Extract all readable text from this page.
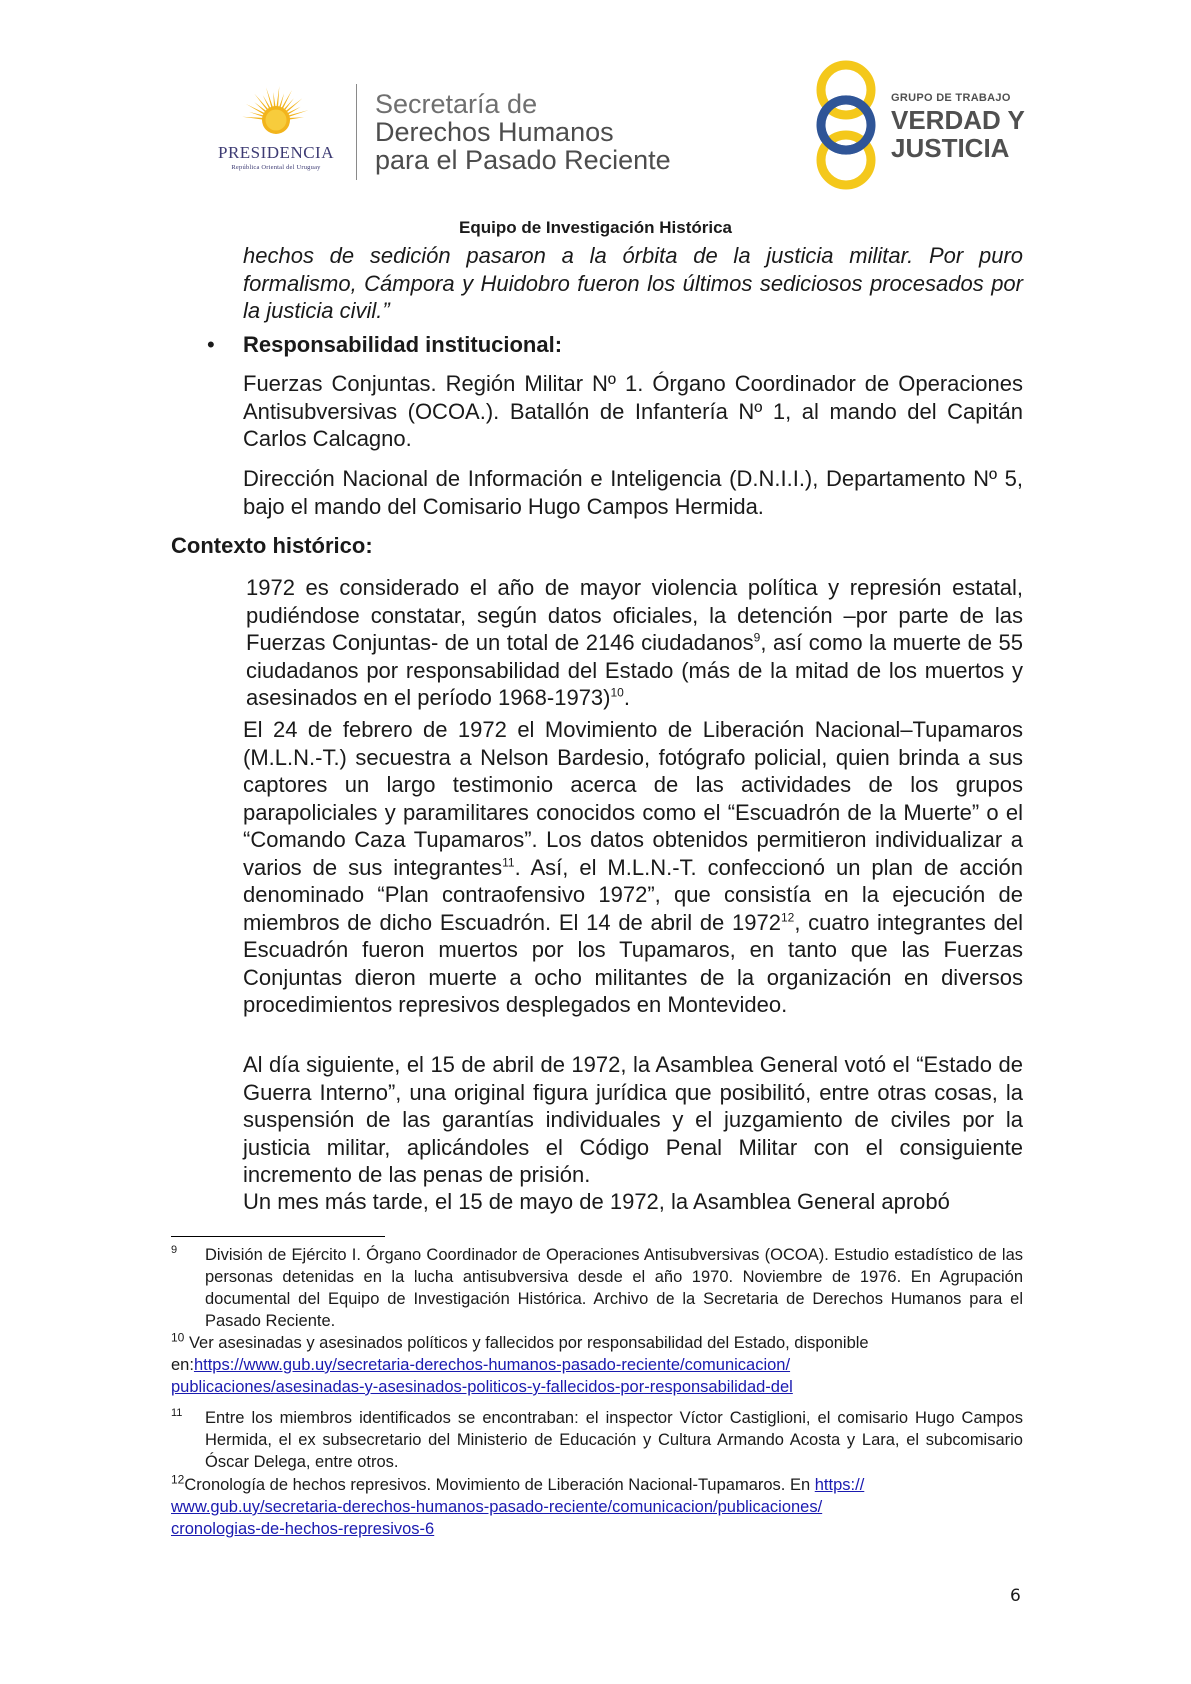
PRESIDENCIA
República Oriental del Uruguay
Secretaría de
Derechos Humanos
para el Pasado Reciente
GRUPO DE TRABAJO
VERDAD Y
JUSTICIA
Equipo de Investigación Histórica

hechos de sedición pasaron a la órbita de la justicia militar. Por puro formalismo, Cámpora y Huidobro fueron los últimos sediciosos procesados por la justicia civil.”

• Responsabilidad institucional:

Fuerzas Conjuntas. Región Militar Nº 1. Órgano Coordinador de Operaciones Antisubversivas (OCOA.). Batallón de Infantería Nº 1, al mando del Capitán Carlos Calcagno.

Dirección Nacional de Información e Inteligencia (D.N.I.I.), Departamento Nº 5, bajo el mando del Comisario Hugo Campos Hermida.

Contexto histórico:

1972 es considerado el año de mayor violencia política y represión estatal, pudiéndose constatar, según datos oficiales, la detención –por parte de las Fuerzas Conjuntas- de un total de 2146 ciudadanos$^9$, así como la muerte de 55 ciudadanos por responsabilidad del Estado (más de la mitad de los muertos y asesinados en el período 1968-1973)$^{10}$.

El 24 de febrero de 1972 el Movimiento de Liberación Nacional–Tupamaros (M.L.N.-T.) secuestra a Nelson Bardesio, fotógrafo policial, quien brinda a sus captores un largo testimonio acerca de las actividades de los grupos parapoliciales y paramilitares conocidos como el “Escuadrón de la Muerte” o el “Comando Caza Tupamaros”. Los datos obtenidos permitieron individualizar a varios de sus integrantes$^{11}$. Así, el M.L.N.-T. confeccionó un plan de acción denominado “Plan contraofensivo 1972”, que consistía en la ejecución de miembros de dicho Escuadrón. El 14 de abril de 1972$^{12}$, cuatro integrantes del Escuadrón fueron muertos por los Tupamaros, en tanto que las Fuerzas Conjuntas dieron muerte a ocho militantes de la organización en diversos procedimientos represivos desplegados en Montevideo.

Al día siguiente, el 15 de abril de 1972, la Asamblea General votó el “Estado de Guerra Interno”, una original figura jurídica que posibilitó, entre otras cosas, la suspensión de las garantías individuales y el juzgamiento de civiles por la justicia militar, aplicándoles el Código Penal Militar con el consiguiente incremento de las penas de prisión.

Un mes más tarde, el 15 de mayo de 1972, la Asamblea General aprobó

9 División de Ejército I. Órgano Coordinador de Operaciones Antisubversivas (OCOA). Estudio estadístico de las personas detenidas en la lucha antisubversiva desde el año 1970. Noviembre de 1976. En Agrupación documental del Equipo de Investigación Histórica. Archivo de la Secretaria de Derechos Humanos para el Pasado Reciente.

$^{10}$ Ver asesinadas y asesinados políticos y fallecidos por responsabilidad del Estado, disponible en:https://www.gub.uy/secretaria-derechos-humanos-pasado-reciente/comunicacion/
publicaciones/asesinadas-y-asesinados-politicos-y-fallecidos-por-responsabilidad-del

11 Entre los miembros identificados se encontraban: el inspector Víctor Castiglioni, el comisario Hugo Campos Hermida, el ex subsecretario del Ministerio de Educación y Cultura Armando Acosta y Lara, el subcomisario Óscar Delega, entre otros.

$^{12}$Cronología de hechos represivos. Movimiento de Liberación Nacional-Tupamaros. En https://
www.gub.uy/secretaria-derechos-humanos-pasado-reciente/comunicacion/publicaciones/
cronologias-de-hechos-represivos-6

6
